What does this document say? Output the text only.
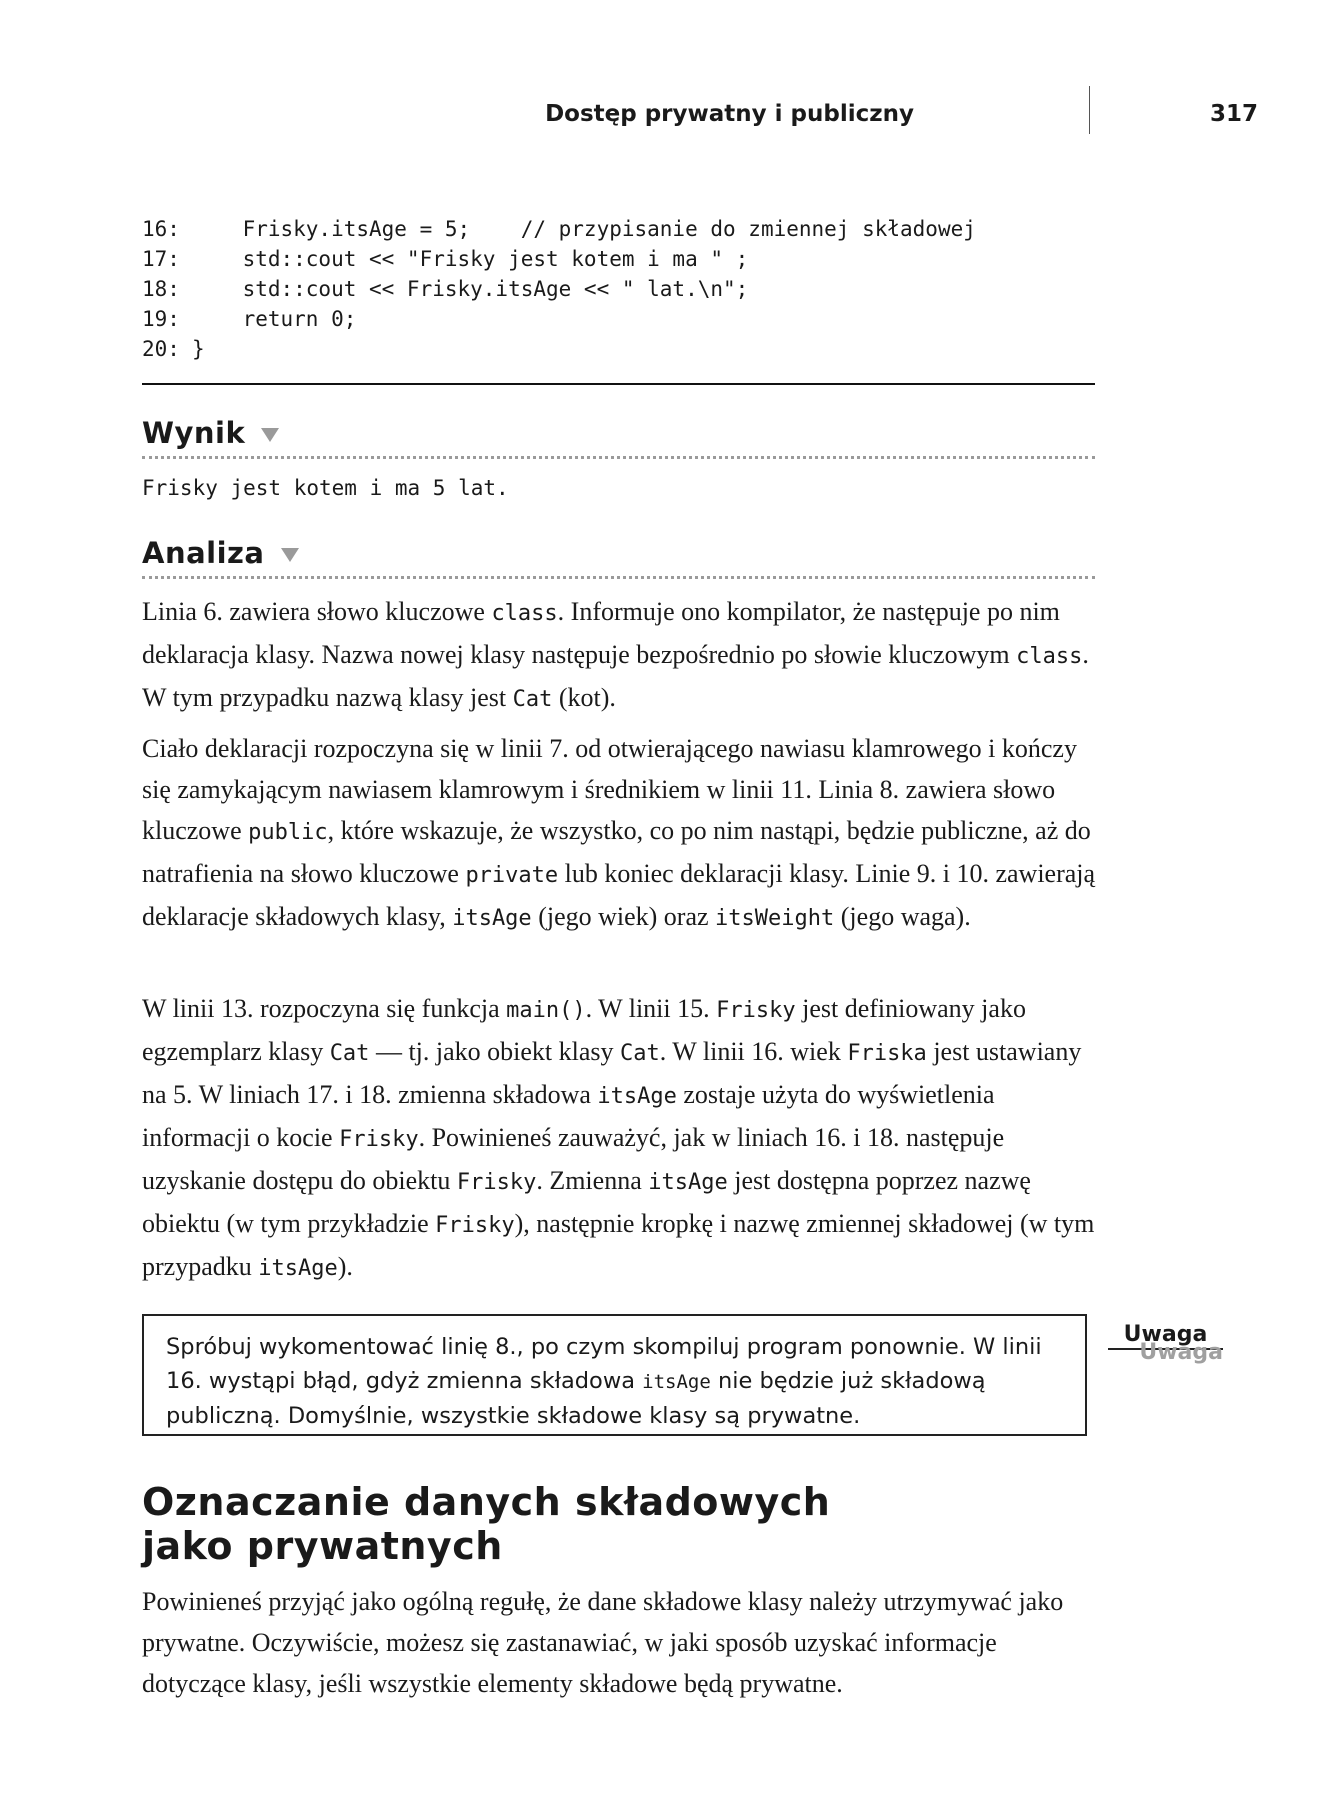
Dostęp prywatny i publiczny	317
16:    Frisky.itsAge = 5;    // przypisanie do zmiennej składowej
17:    std::cout << "Frisky jest kotem i ma " ;
18:    std::cout << Frisky.itsAge << " lat.\n";
19:    return 0;
20: }
Wynik
Frisky jest kotem i ma 5 lat.
Analiza

Linia 6. zawiera słowo kluczowe class. Informuje ono kompilator, że następuje po nim deklaracja klasy. Nazwa nowej klasy następuje bezpośrednio po słowie kluczowym class. W tym przypadku nazwą klasy jest Cat (kot).

Ciało deklaracji rozpoczyna się w linii 7. od otwierającego nawiasu klamrowego i kończy się zamykającym nawiasem klamrowym i średnikiem w linii 11. Linia 8. zawiera słowo kluczowe public, które wskazuje, że wszystko, co po nim nastąpi, będzie publiczne, aż do natrafienia na słowo kluczowe private lub koniec deklaracji klasy. Linie 9. i 10. zawierają deklaracje składowych klasy, itsAge (jego wiek) oraz itsWeight (jego waga).

W linii 13. rozpoczyna się funkcja main(). W linii 15. Frisky jest definiowany jako egzemplarz klasy Cat — tj. jako obiekt klasy Cat. W linii 16. wiek Friska jest ustawiany na 5. W liniach 17. i 18. zmienna składowa itsAge zostaje użyta do wyświetlenia informacji o kocie Frisky. Powinieneś zauważyć, jak w liniach 16. i 18. następuje uzyskanie dostępu do obiektu Frisky. Zmienna itsAge jest dostępna poprzez nazwę obiektu (w tym przykładzie Frisky), następnie kropkę i nazwę zmiennej składowej (w tym przypadku itsAge).

Spróbuj wykomentować linię 8., po czym skompiluj program ponownie. W linii 16. wystąpi błąd, gdyż zmienna składowa itsAge nie będzie już składową publiczną. Domyślnie, wszystkie składowe klasy są prywatne.
Uwaga
Uwaga
Oznaczanie danych składowych
jako prywatnych

Powinieneś przyjąć jako ogólną regułę, że dane składowe klasy należy utrzymywać jako prywatne. Oczywiście, możesz się zastanawiać, w jaki sposób uzyskać informacje dotyczące klasy, jeśli wszystkie elementy składowe będą prywatne.
